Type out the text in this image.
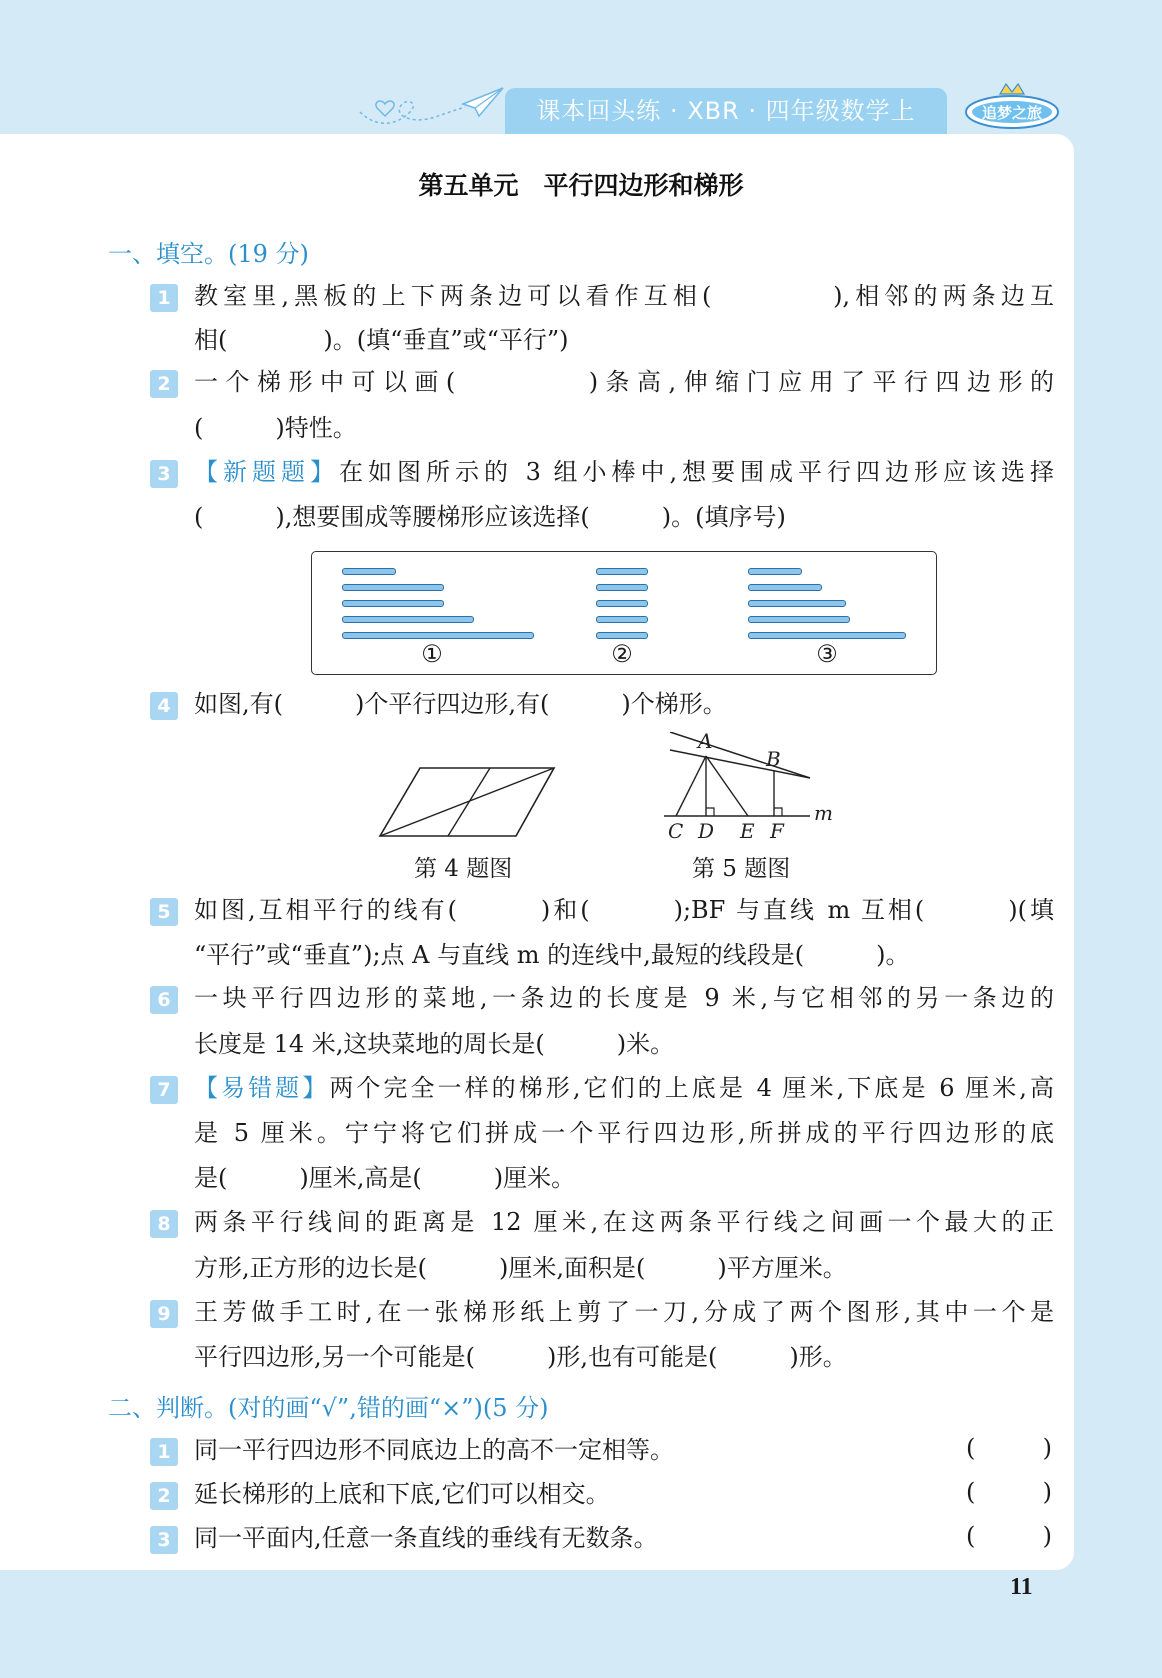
课本回头练 · XBR · 四年级数学上	追梦之旅
第五单元　平行四边形和梯形
一、填空。(19 分)
1 教室里,黑板的上下两条边可以看作互相(　　　　),相邻的两条边互
相(　　　　)。(填“垂直”或“平行”)
2 一个梯形中可以画(　　　　)条高,伸缩门应用了平行四边形的
(　　　)特性。
3 【新题题】在如图所示的 3 组小棒中,想要围成平行四边形应该选择
(　　　),想要围成等腰梯形应该选择(　　　)。(填序号)
①	②	③
4 如图,有(　　　)个平行四边形,有(　　　)个梯形。
第 4 题图
A
B
C D E F
m
第 5 题图
5 如图,互相平行的线有(　　　)和(　　　);BF 与直线 m 互相(　　　)(填
“平行”或“垂直”);点 A 与直线 m 的连线中,最短的线段是(　　　)。
6 一块平行四边形的菜地,一条边的长度是 9 米,与它相邻的另一条边的
长度是 14 米,这块菜地的周长是(　　　)米。
7 【易错题】两个完全一样的梯形,它们的上底是 4 厘米,下底是 6 厘米,高
是 5 厘米。宁宁将它们拼成一个平行四边形,所拼成的平行四边形的底
是(　　　)厘米,高是(　　　)厘米。
8 两条平行线间的距离是 12 厘米,在这两条平行线之间画一个最大的正
方形,正方形的边长是(　　　)厘米,面积是(　　　)平方厘米。
9 王芳做手工时,在一张梯形纸上剪了一刀,分成了两个图形,其中一个是
平行四边形,另一个可能是(　　　)形,也有可能是(　　　)形。
二、判断。(对的画“√”,错的画“×”)(5 分)
1 同一平行四边形不同底边上的高不一定相等。	(	)
2 延长梯形的上底和下底,它们可以相交。	(	)
3 同一平面内,任意一条直线的垂线有无数条。	(	)
11
